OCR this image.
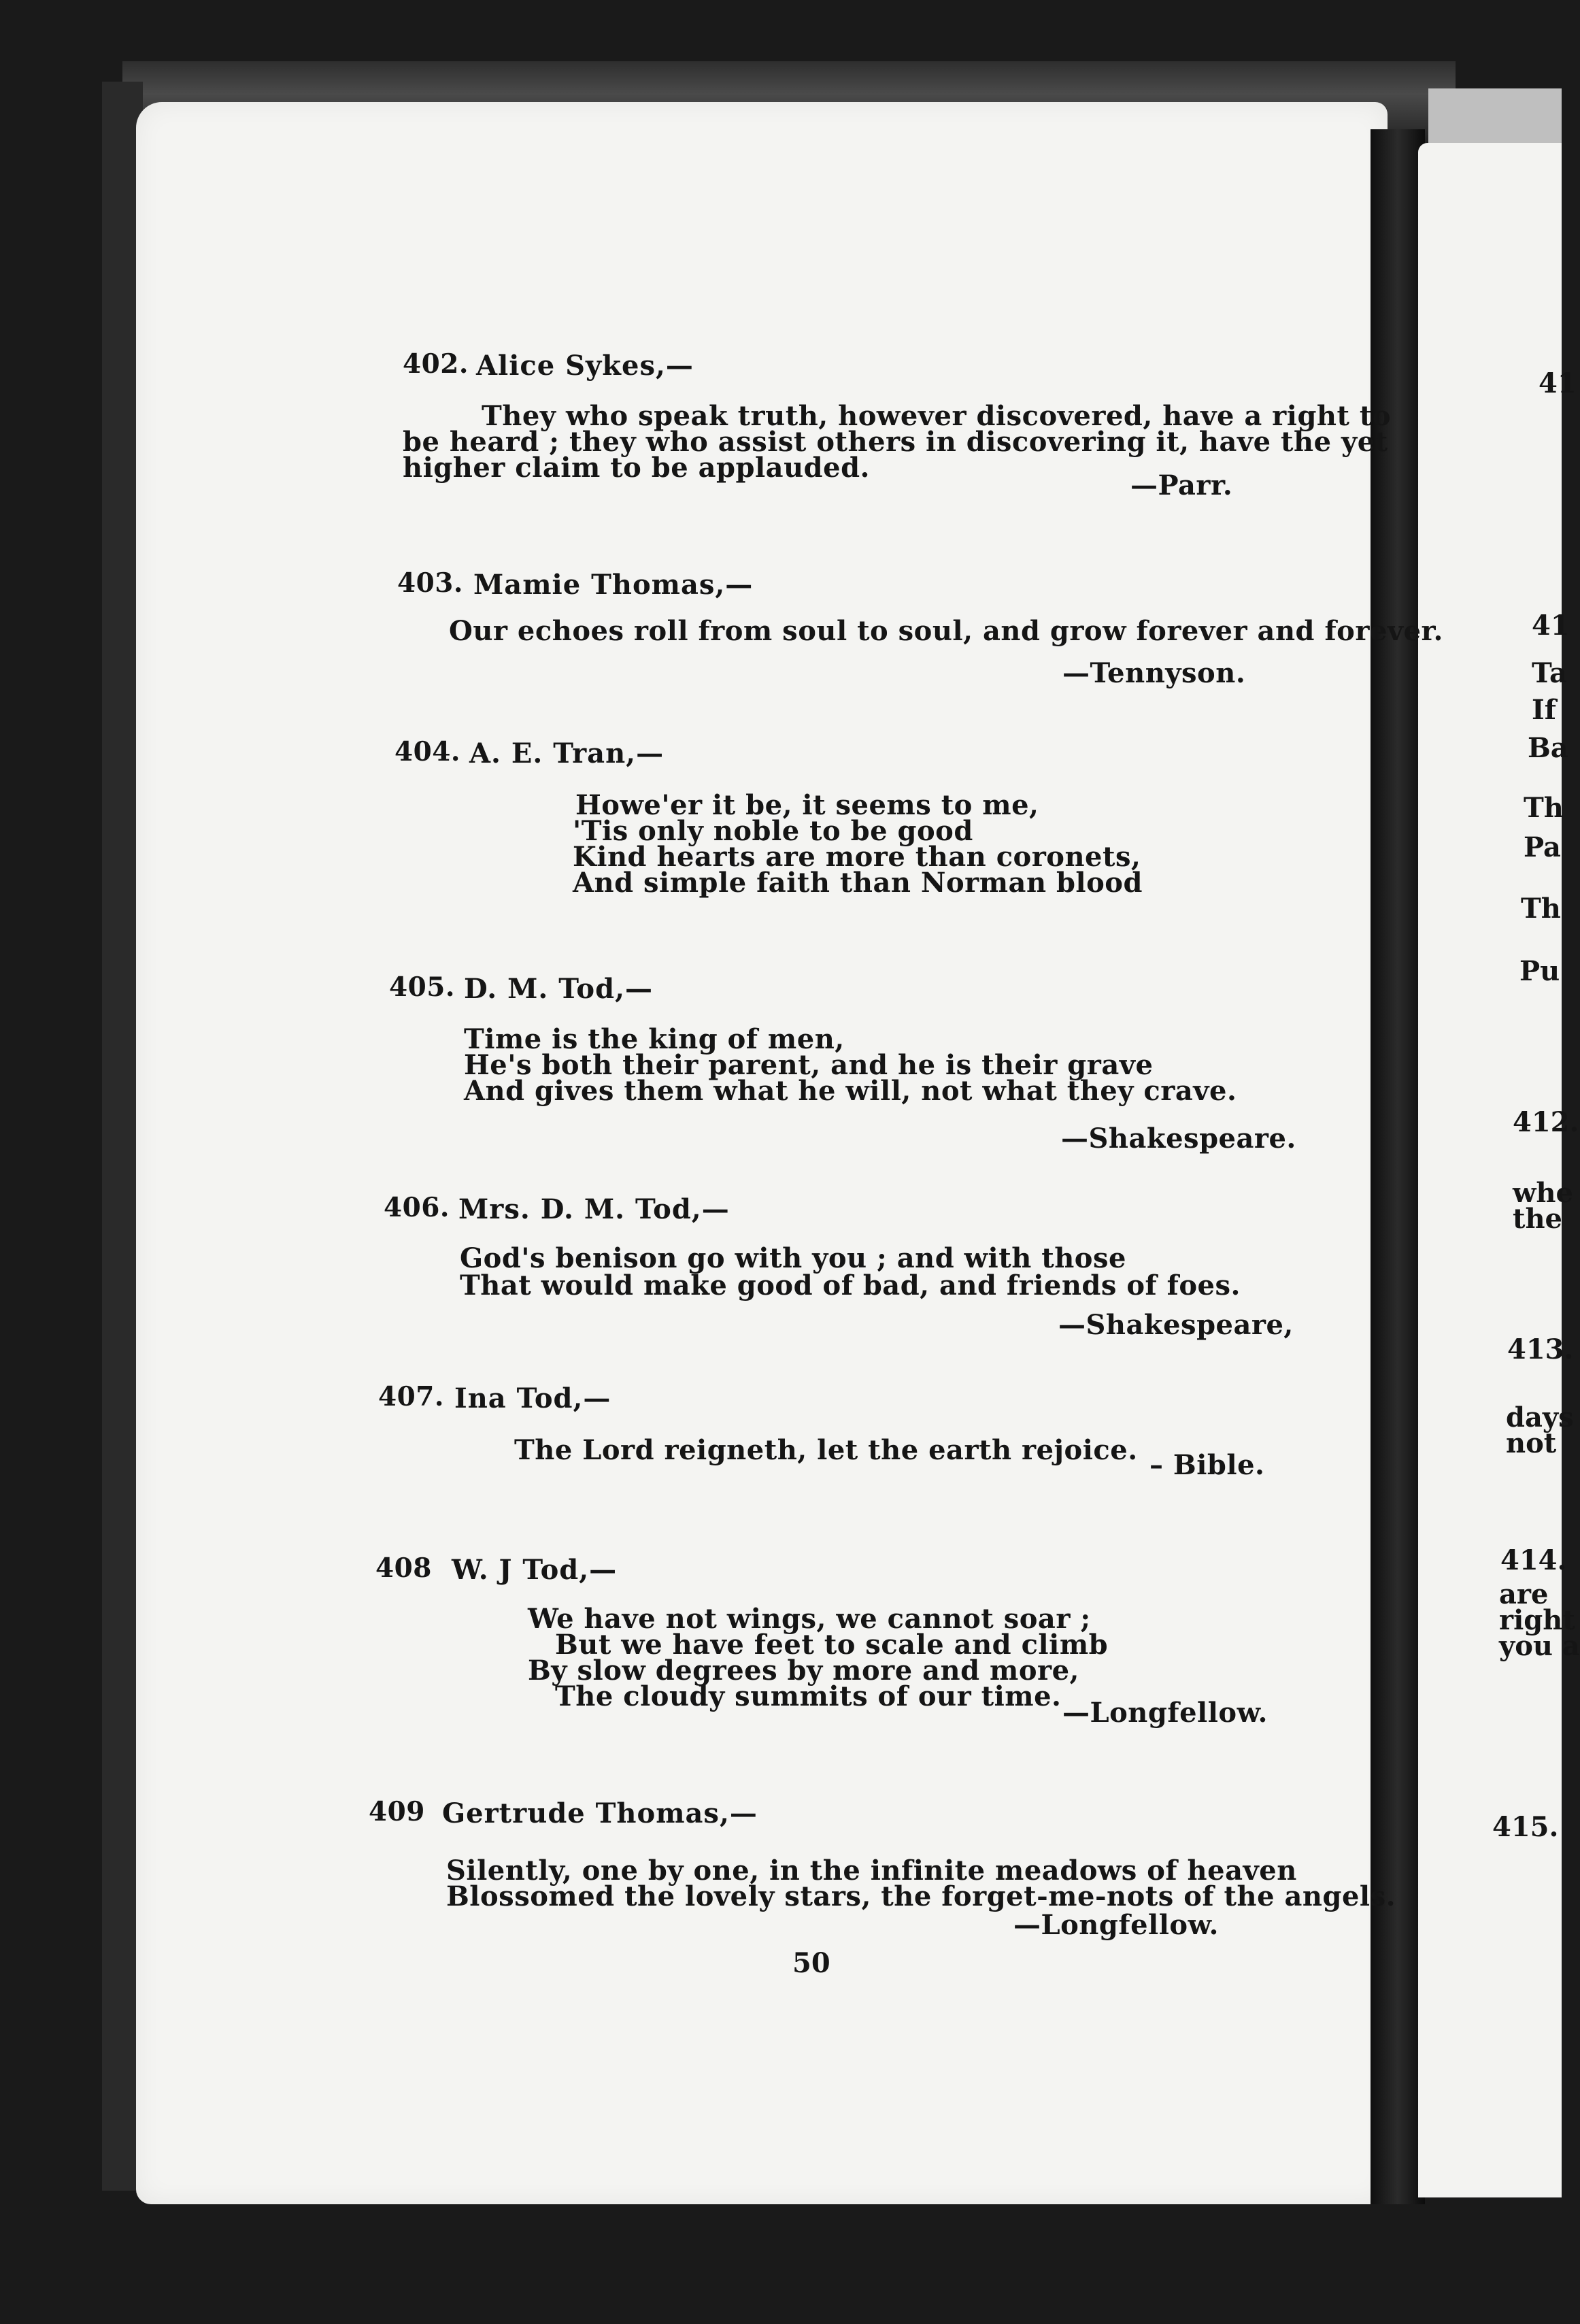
402. Alice Sykes,—
They who speak truth, however discovered, have a right to
be heard ; they who assist others in discovering it, have the yet
higher claim to be applauded.
—Parr.
403. Mamie Thomas,—
Our echoes roll from soul to soul, and grow forever and forever.
—Tennyson.
404. A. E. Tran,—
Howe'er it be, it seems to me,
'Tis only noble to be good
Kind hearts are more than coronets,
And simple faith than Norman blood
405. D. M. Tod,—
Time is the king of men,
He's both their parent, and he is their grave
And gives them what he will, not what they crave.
—Shakespeare.
406. Mrs. D. M. Tod,—
God's benison go with you ; and with those
That would make good of bad, and friends of foes.
—Shakespeare,
407. Ina Tod,—
The Lord reigneth, let the earth rejoice. – Bible.
408 W. J Tod,—
We have not wings, we cannot soar ;
But we have feet to scale and climb
By slow degrees by more and more,
The cloudy summits of our time.
—Longfellow.
409 Gertrude Thomas,—
Silently, one by one, in the infinite meadows of heaven
Blossomed the lovely stars, the forget-me-nots of the angels.
—Longfellow.
50
41
41
Ta
If
Ba
Th
Pa
Th
Pu
412.
whe
the
413.
days
not
414.
are
right
you a
415.
